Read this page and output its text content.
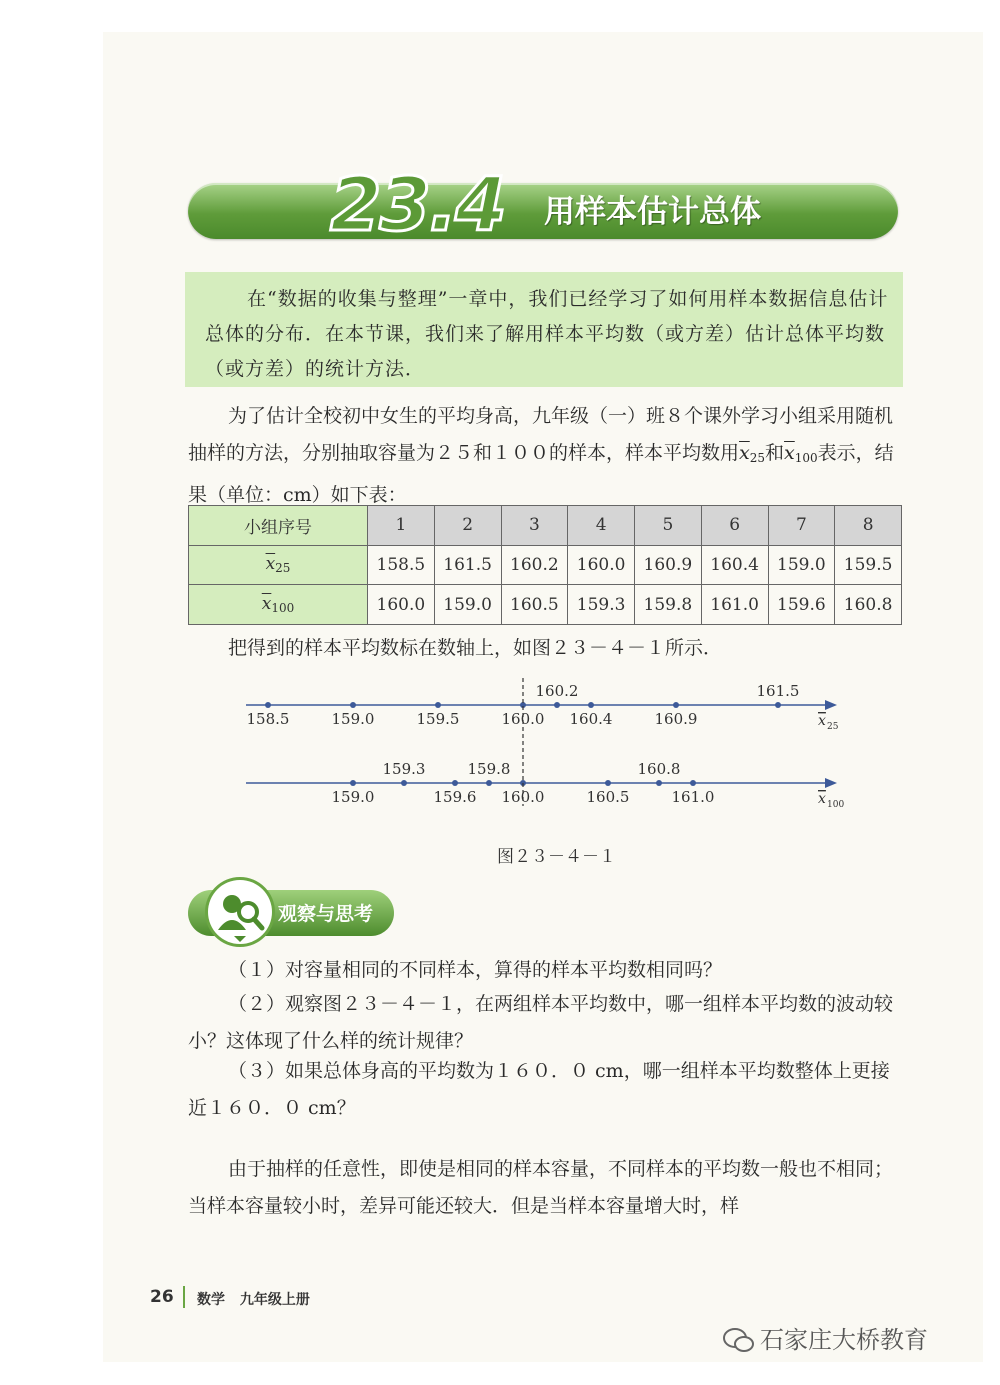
23.4 用样本估计总体

在“数据的收集与整理”一章中，我们已经学习了如何用样本数据信息估计总体的分布．在本节课，我们来了解用样本平均数（或方差）估计总体平均数（或方差）的统计方法．

为了估计全校初中女生的平均身高，九年级（一）班８个课外学习小组采用随机抽样的方法，分别抽取容量为２５和１００的样本，样本平均数用$\overline{x}_{25}$和$\overline{x}_{100}$表示，结果（单位：cm）如下表：

小组序号	1	2	3	4	5	6	7	8
$\overline{x}_{25}$	158.5	161.5	160.2	160.0	160.9	160.4	159.0	159.5
$\overline{x}_{100}$	160.0	159.0	160.5	159.3	159.8	161.0	159.6	160.8

把得到的样本平均数标在数轴上，如图２３－４－１所示．

158.5	159.0	159.5	160.0
160.2
160.4	160.9
161.5
x 25
159.0
159.3
159.6
159.8
160.0	160.5
160.8
161.0	x 100

图２３－４－１

观察与思考

（１）对容量相同的不同样本，算得的样本平均数相同吗？

（２）观察图２３－４－１，在两组样本平均数中，哪一组样本平均数的波动较小？这体现了什么样的统计规律？

（３）如果总体身高的平均数为１６０．０ cm，哪一组样本平均数整体上更接近１６０．０ cm？

由于抽样的任意性，即使是相同的样本容量，不同样本的平均数一般也不相同；当样本容量较小时，差异可能还较大．但是当样本容量增大时，样

26 数学 九年级上册

石家庄大桥教育
